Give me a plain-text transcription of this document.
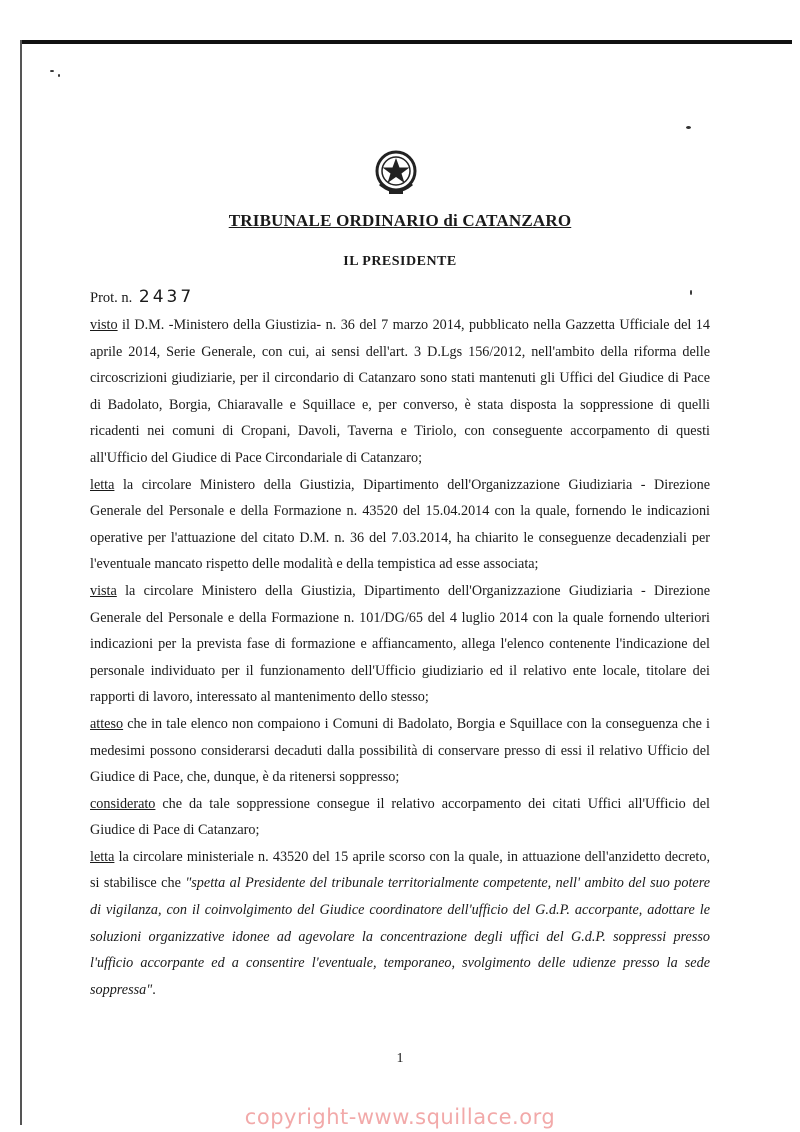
TRIBUNALE ORDINARIO di CATANZARO
IL PRESIDENTE
Prot. n. 2437

visto il D.M. -Ministero della Giustizia- n. 36 del 7 marzo 2014, pubblicato nella Gazzetta Ufficiale del 14 aprile 2014, Serie Generale, con cui, ai sensi dell'art. 3 D.Lgs 156/2012, nell'ambito della riforma delle circoscrizioni giudiziarie, per il circondario di Catanzaro sono stati mantenuti gli Uffici del Giudice di Pace di Badolato, Borgia, Chiaravalle e Squillace e, per converso, è stata disposta la soppressione di quelli ricadenti nei comuni di Cropani, Davoli, Taverna e Tiriolo, con conseguente accorpamento di questi all'Ufficio del Giudice di Pace Circondariale di Catanzaro;

letta la circolare Ministero della Giustizia, Dipartimento dell'Organizzazione Giudiziaria - Direzione Generale del Personale e della Formazione n. 43520 del 15.04.2014 con la quale, fornendo le indicazioni operative per l'attuazione del citato D.M. n. 36 del 7.03.2014, ha chiarito le conseguenze decadenziali per l'eventuale mancato rispetto delle modalità e della tempistica ad esse associata;

vista la circolare Ministero della Giustizia, Dipartimento dell'Organizzazione Giudiziaria - Direzione Generale del Personale e della Formazione n. 101/DG/65 del 4 luglio 2014 con la quale fornendo ulteriori indicazioni per la prevista fase di formazione e affiancamento, allega l'elenco contenente l'indicazione del personale individuato per il funzionamento dell'Ufficio giudiziario ed il relativo ente locale, titolare dei rapporti di lavoro, interessato al mantenimento dello stesso;

atteso che in tale elenco non compaiono i Comuni di Badolato, Borgia e Squillace con la conseguenza che i medesimi possono considerarsi decaduti dalla possibilità di conservare presso di essi il relativo Ufficio del Giudice di Pace, che, dunque, è da ritenersi soppresso;

considerato che da tale soppressione consegue il relativo accorpamento dei citati Uffici all'Ufficio del Giudice di Pace di Catanzaro;

letta la circolare ministeriale n. 43520 del 15 aprile scorso con la quale, in attuazione dell'anzidetto decreto, si stabilisce che "spetta al Presidente del tribunale territorialmente competente, nell' ambito del suo potere di vigilanza, con il coinvolgimento del Giudice coordinatore dell'ufficio del G.d.P. accorpante, adottare le soluzioni organizzative idonee ad agevolare la concentrazione degli uffici del G.d.P. soppressi presso l'ufficio accorpante ed a consentire l'eventuale, temporaneo, svolgimento delle udienze presso la sede soppressa".

1
copyright-www.squillace.org
